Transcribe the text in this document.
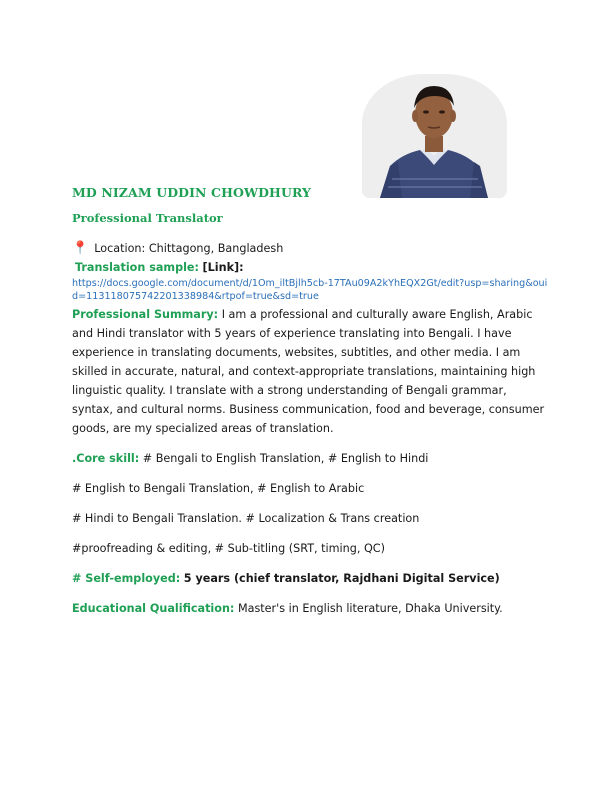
MD NIZAM UDDIN CHOWDHURY
Professional Translator

📍 Location: Chittagong, Bangladesh

Translation sample: [Link]:

https://docs.google.com/document/d/1Om_iltBjlh5cb-17TAu09A2kYhEQX2Gt/edit?usp=sharing&ouid=113118075742201338984&rtpof=true&sd=true

Professional Summary: I am a professional and culturally aware English, Arabic and Hindi translator with 5 years of experience translating into Bengali. I have experience in translating documents, websites, subtitles, and other media. I am skilled in accurate, natural, and context-appropriate translations, maintaining high linguistic quality. I translate with a strong understanding of Bengali grammar, syntax, and cultural norms. Business communication, food and beverage, consumer goods, are my specialized areas of translation.

.Core skill: # Bengali to English Translation, # English to Hindi

# English to Bengali Translation, # English to Arabic

# Hindi to Bengali Translation. # Localization & Trans creation

#proofreading & editing, # Sub-titling (SRT, timing, QC)

# Self-employed: 5 years (chief translator, Rajdhani Digital Service)

Educational Qualification: Master's in English literature, Dhaka University.
